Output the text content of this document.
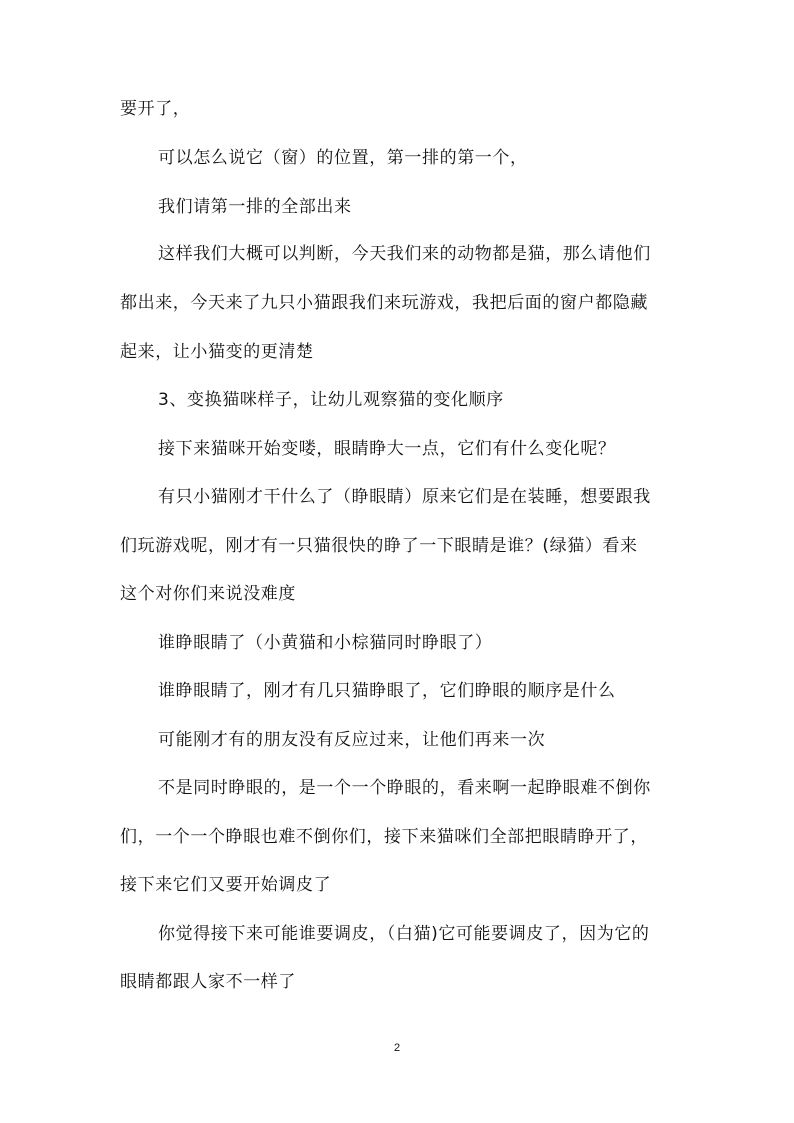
要开了，
可以怎么说它（窗）的位置，第一排的第一个，
我们请第一排的全部出来
这样我们大概可以判断，今天我们来的动物都是猫，那么请他们
都出来，今天来了九只小猫跟我们来玩游戏，我把后面的窗户都隐藏
起来，让小猫变的更清楚
3、变换猫咪样子，让幼儿观察猫的变化顺序
接下来猫咪开始变喽，眼睛睁大一点，它们有什么变化呢？
有只小猫刚才干什么了（睁眼睛）原来它们是在装睡，想要跟我
们玩游戏呢，刚才有一只猫很快的睁了一下眼睛是谁？(绿猫）看来
这个对你们来说没难度
谁睁眼睛了（小黄猫和小棕猫同时睁眼了）
谁睁眼睛了，刚才有几只猫睁眼了，它们睁眼的顺序是什么
可能刚才有的朋友没有反应过来，让他们再来一次
不是同时睁眼的，是一个一个睁眼的，看来啊一起睁眼难不倒你
们，一个一个睁眼也难不倒你们，接下来猫咪们全部把眼睛睁开了，
接下来它们又要开始调皮了
你觉得接下来可能谁要调皮，（白猫)它可能要调皮了，因为它的
眼睛都跟人家不一样了
2
